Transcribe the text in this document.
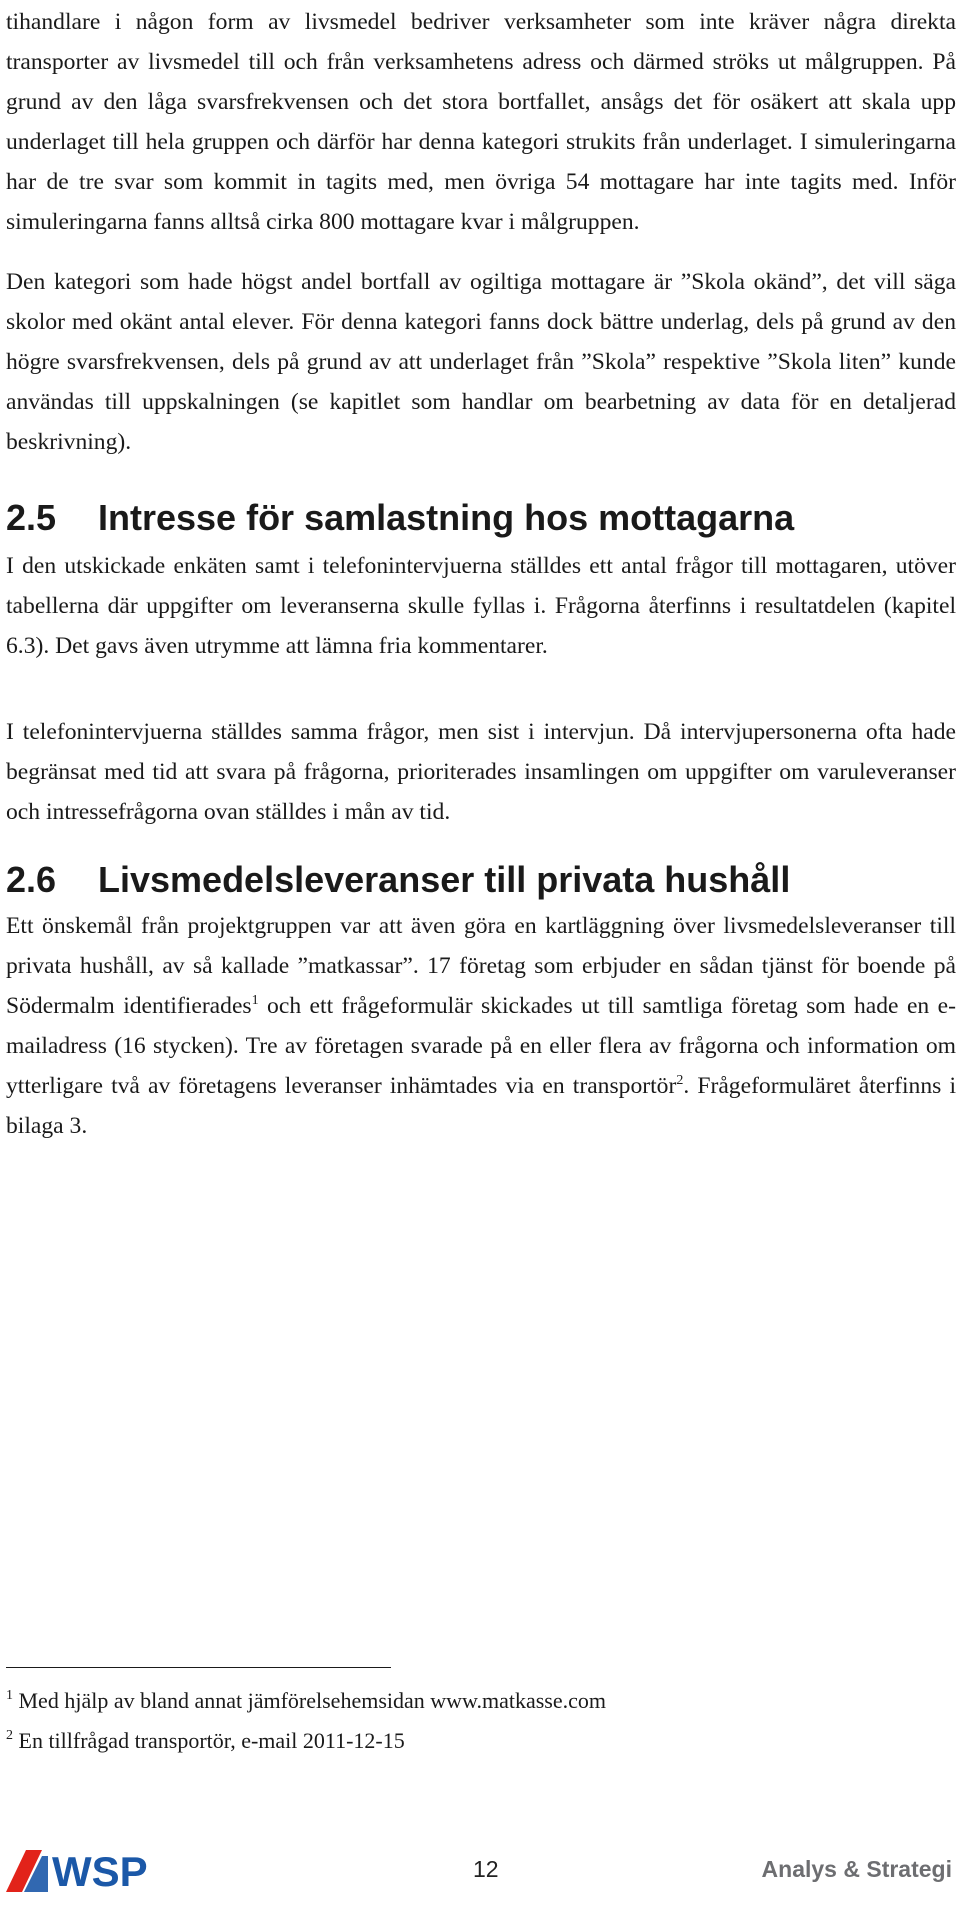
tihandlare i någon form av livsmedel bedriver verksamheter som inte kräver några direkta transporter av livsmedel till och från verksamhetens adress och därmed ströks ut målgruppen. På grund av den låga svarsfrekvensen och det stora bortfallet, ansågs det för osäkert att skala upp underlaget till hela gruppen och därför har denna kategori strukits från underlaget. I simuleringarna har de tre svar som kommit in tagits med, men övriga 54 mottagare har inte tagits med. Inför simuleringarna fanns alltså cirka 800 mottagare kvar i målgruppen.

Den kategori som hade högst andel bortfall av ogiltiga mottagare är ”Skola okänd”, det vill säga skolor med okänt antal elever. För denna kategori fanns dock bättre underlag, dels på grund av den högre svarsfrekvensen, dels på grund av att underlaget från ”Skola” respektive ”Skola liten” kunde användas till uppskalningen (se kapitlet som handlar om bearbetning av data för en detaljerad beskrivning).

2.5 Intresse för samlastning hos mottagarna

I den utskickade enkäten samt i telefonintervjuerna ställdes ett antal frågor till mottagaren, utöver tabellerna där uppgifter om leveranserna skulle fyllas i. Frågorna återfinns i resultatdelen (kapitel 6.3). Det gavs även utrymme att lämna fria kommentarer.

I telefonintervjuerna ställdes samma frågor, men sist i intervjun. Då intervjupersonerna ofta hade begränsat med tid att svara på frågorna, prioriterades insamlingen om uppgifter om varuleveranser och intressefrågorna ovan ställdes i mån av tid.

2.6 Livsmedelsleveranser till privata hushåll

Ett önskemål från projektgruppen var att även göra en kartläggning över livsmedelsleveranser till privata hushåll, av så kallade ”matkassar”. 17 företag som erbjuder en sådan tjänst för boende på Södermalm identifierades$^1$ och ett frågeformulär skickades ut till samtliga företag som hade en e-mailadress (16 stycken). Tre av företagen svarade på en eller flera av frågorna och information om ytterligare två av företagens leveranser inhämtades via en transportör$^2$. Frågeformuläret återfinns i bilaga 3.

$^1$ Med hjälp av bland annat jämförelsehemsidan www.matkasse.com
$^2$ En tillfrågad transportör, e-mail 2011-12-15
WSP	12	Analys & Strategi
